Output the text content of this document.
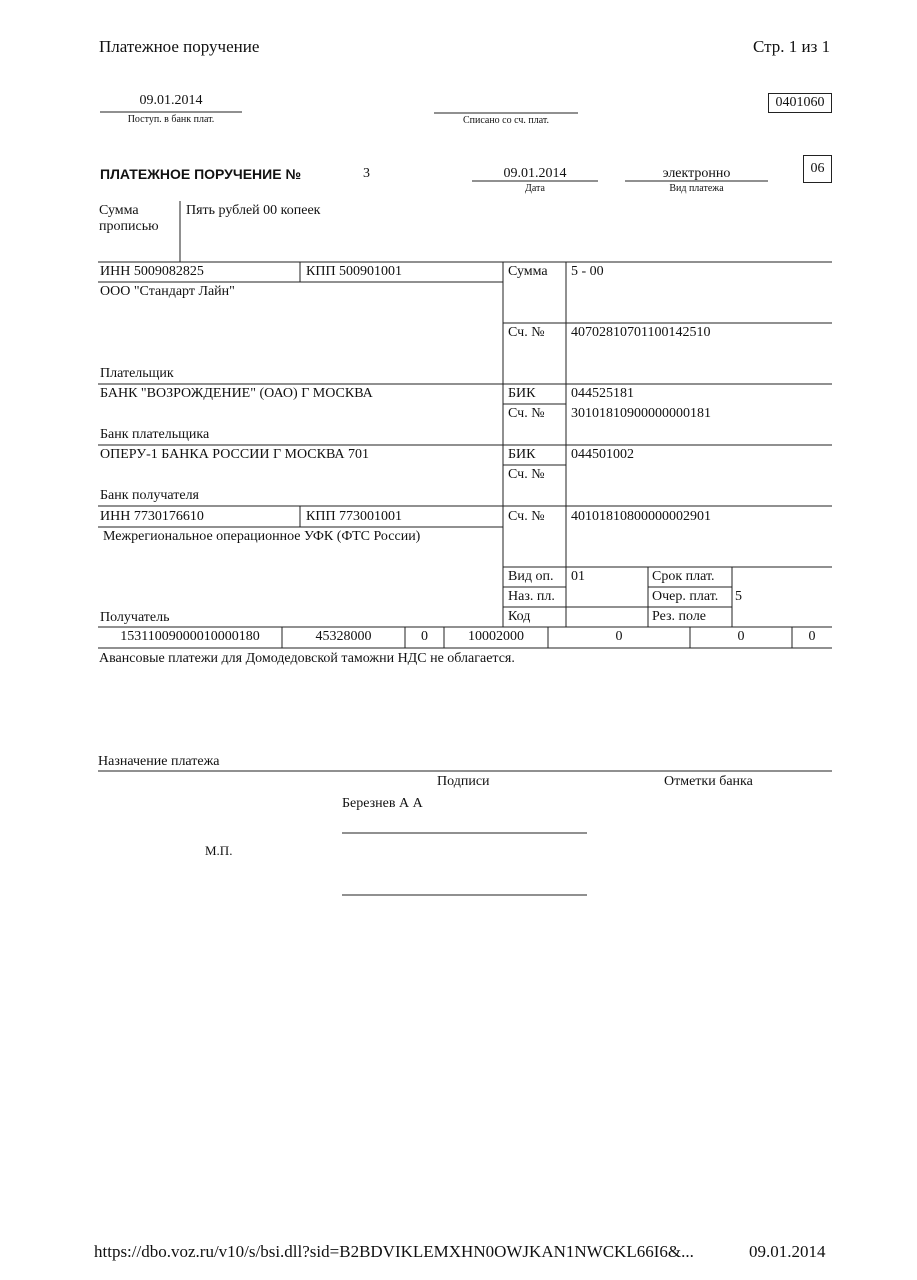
Платежное поручение	Стр. 1 из 1
09.01.2014
Поступ. в банк плат.	Списано со сч. плат.
0401060
ПЛАТЕЖНОЕ ПОРУЧЕНИЕ №	3	09.01.2014
Дата
электронно
Вид платежа
06
Сумма
прописью
Пять рублей 00 копеек
ИНН 5009082825	КПП 500901001
ООО "Стандарт Лайн"
Плательщик
Сумма 5 - 00
Сч. № 40702810701100142510
БАНК "ВОЗРОЖДЕНИЕ" (ОАО) Г МОСКВА
Банк плательщика
БИК	044525181
Сч. № 30101810900000000181
ОПЕРУ-1 БАНКА РОССИИ Г МОСКВА 701
Банк получателя
БИК	044501002
Сч. №
ИНН 7730176610	КПП 773001001
Межрегиональное операционное УФК (ФТС России)
Получатель
Сч. № 40101810800000002901
Вид оп. 01
Наз. пл.
Код
Срок плат.
Очер. плат. 5
Рез. поле
15311009000010000180	45328000	0	10002000	0	0	0
Авансовые платежи для Домодедовской таможни НДС не облагается.
Назначение платежа
Подписи	Отметки банка
Березнев А А
М.П.
https://dbo.voz.ru/v10/s/bsi.dll?sid=B2BDVIKLEMXHN0OWJKAN1NWCKL66I6&...	09.01.2014
